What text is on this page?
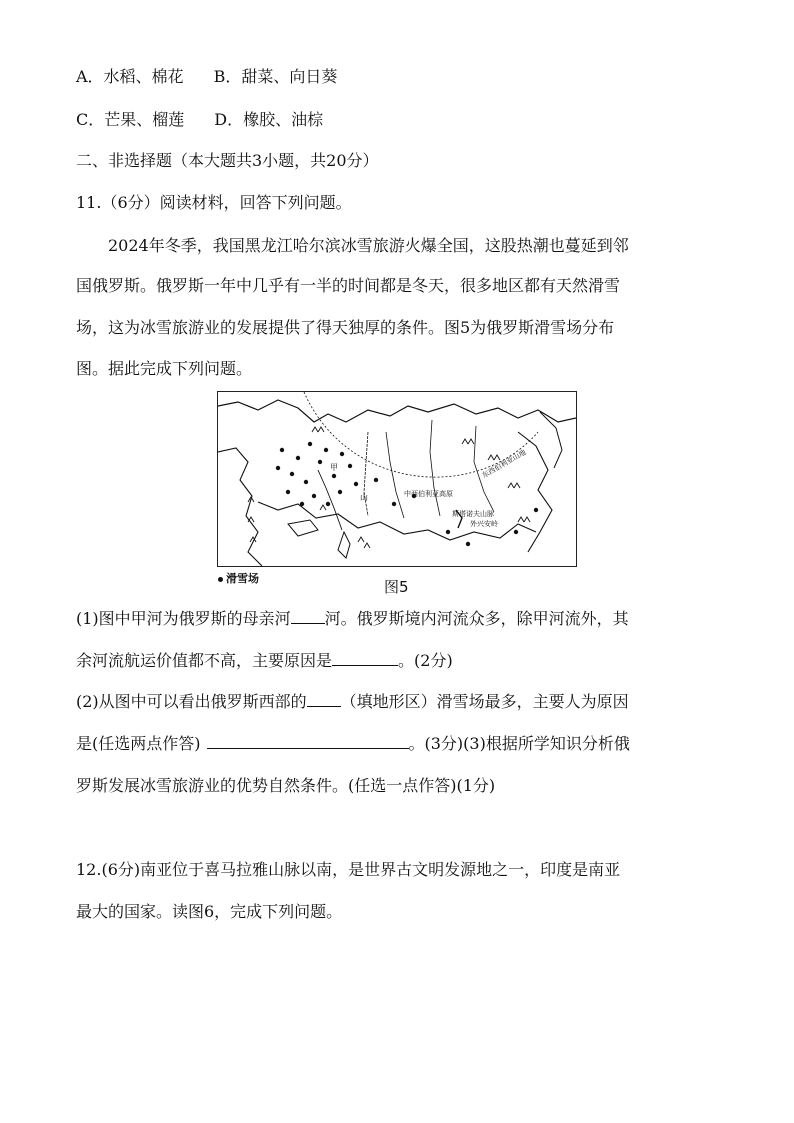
A．水稻、棉花 B．甜菜、向日葵
C．芒果、榴莲 D．橡胶、油棕
二、非选择题（本大题共3小题，共20分）
11.（6分）阅读材料，回答下列问题。
2024年冬季，我国黑龙江哈尔滨冰雪旅游火爆全国，这股热潮也蔓延到邻
国俄罗斯。俄罗斯一年中几乎有一半的时间都是冬天，很多地区都有天然滑雪
场，这为冰雪旅游业的发展提供了得天独厚的条件。图5为俄罗斯滑雪场分布
图。据此完成下列问题。
甲
山	中西伯利亚高原
东西伯利亚山地
斯塔诺夫山脉
外兴安岭
滑雪场	图5
(1)图中甲河为俄罗斯的母亲河 河。俄罗斯境内河流众多，除甲河流外，其
余河流航运价值都不高，主要原因是	。(2分)
(2)从图中可以看出俄罗斯西部的 （填地形区）滑雪场最多，主要人为原因
是(任选两点作答)	。(3分)(3)根据所学知识分析俄
罗斯发展冰雪旅游业的优势自然条件。(任选一点作答)(1分)
12.(6分)南亚位于喜马拉雅山脉以南，是世界古文明发源地之一，印度是南亚
最大的国家。读图6，完成下列问题。
